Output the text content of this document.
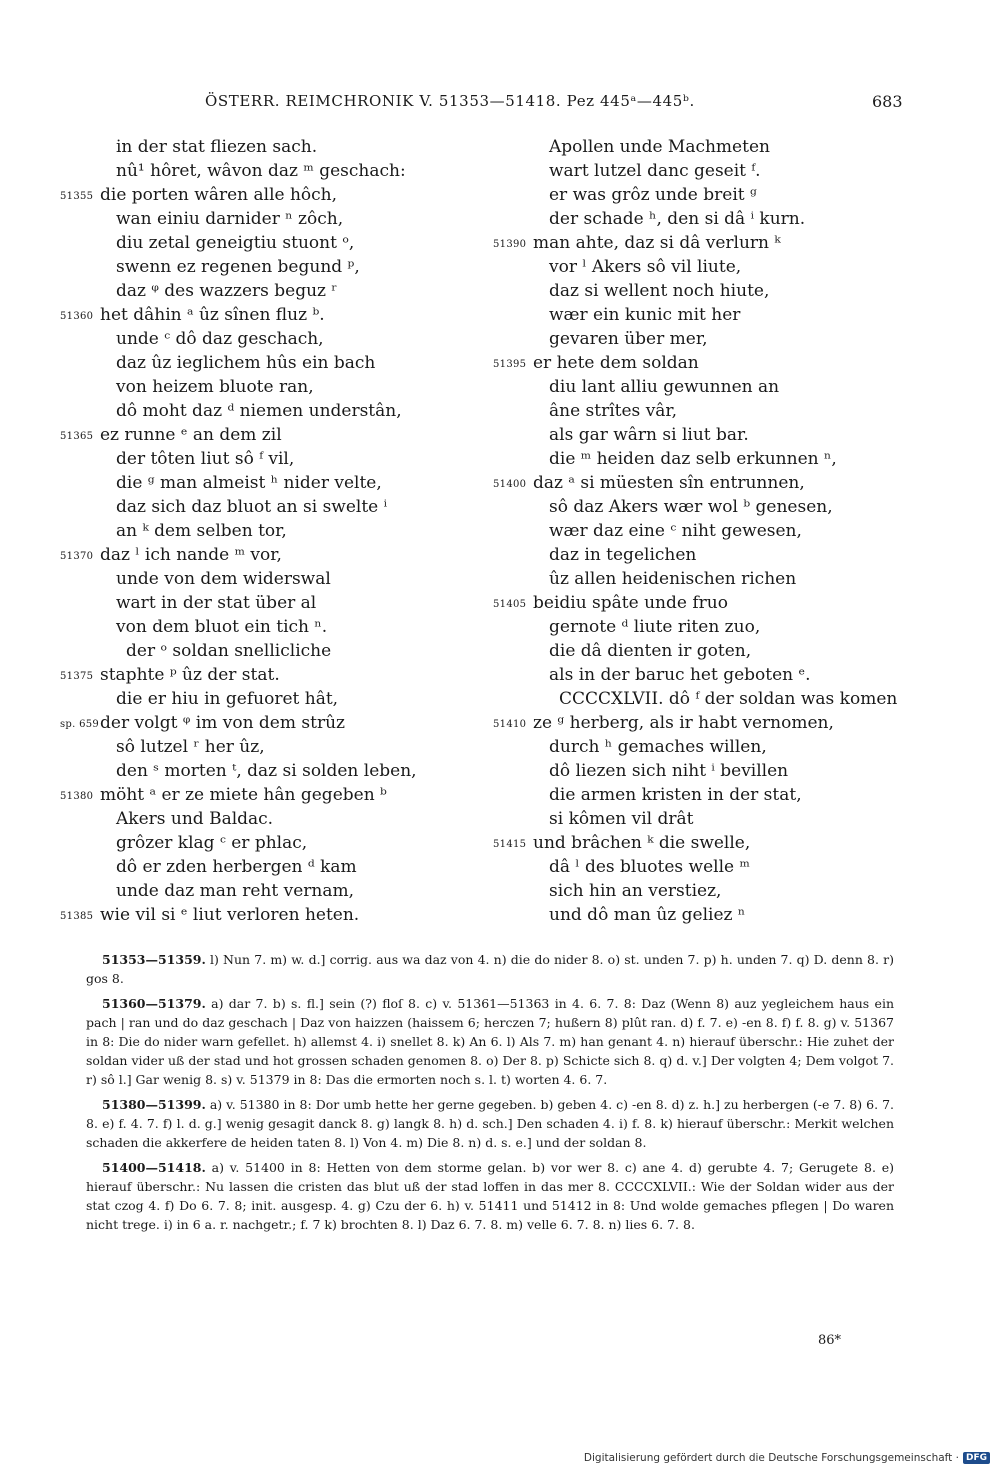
ÖSTERR. REIMCHRONIK V. 51353—51418. Pez 445ᵃ—445ᵇ.	683
in der stat fliezen sach.
nû¹ hôret, wâvon daz ᵐ geschach:
51355 die porten wâren alle hôch,
wan einiu darnider ⁿ zôch,
diu zetal geneigtiu stuont ᵒ,
swenn ez regenen begund ᵖ,
daz ᵠ des wazzers beguz ʳ
51360 het dâhin ᵃ ûz sînen fluz ᵇ.
unde ᶜ dô daz geschach,
daz ûz ieglichem hûs ein bach
von heizem bluote ran,
dô moht daz ᵈ niemen understân,
51365 ez runne ᵉ an dem zil
der tôten liut sô ᶠ vil,
die ᵍ man almeist ʰ nider velte,
daz sich daz bluot an si swelte ⁱ
an ᵏ dem selben tor,
51370 daz ˡ ich nande ᵐ vor,
unde von dem widerswal
wart in der stat über al
von dem bluot ein tich ⁿ.
der ᵒ soldan snellicliche
51375 staphte ᵖ ûz der stat.
die er hiu in gefuoret hât,
sp. 659 der volgt ᵠ im von dem strûz
sô lutzel ʳ her ûz,
den ˢ morten ᵗ, daz si solden leben,
51380 möht ᵃ er ze miete hân gegeben ᵇ
Akers und Baldac.
grôzer klag ᶜ er phlac,
dô er zden herbergen ᵈ kam
unde daz man reht vernam,
51385 wie vil si ᵉ liut verloren heten.
Apollen unde Machmeten
wart lutzel danc geseit ᶠ.
er was grôz unde breit ᵍ
der schade ʰ, den si dâ ⁱ kurn.
51390 man ahte, daz si dâ verlurn ᵏ
vor ˡ Akers sô vil liute,
daz si wellent noch hiute,
wær ein kunic mit her
gevaren über mer,
51395 er hete dem soldan
diu lant alliu gewunnen an
âne strîtes vâr,
als gar wârn si liut bar.
die ᵐ heiden daz selb erkunnen ⁿ,
51400 daz ᵃ si müesten sîn entrunnen,
sô daz Akers wær wol ᵇ genesen,
wær daz eine ᶜ niht gewesen,
daz in tegelichen
ûz allen heidenischen richen
51405 beidiu spâte unde fruo
gernote ᵈ liute riten zuo,
die dâ dienten ir goten,
als in der baruc het geboten ᵉ.
CCCCXLVII. dô ᶠ der soldan was komen
51410 ze ᵍ herberg, als ir habt vernomen,
durch ʰ gemaches willen,
dô liezen sich niht ⁱ bevillen
die armen kristen in der stat,
si kômen vil drât
51415 und brâchen ᵏ die swelle,
dâ ˡ des bluotes welle ᵐ
sich hin an verstiez,
und dô man ûz geliez ⁿ
51353—51359. l) Nun 7. m) w. d.] corrig. aus wa daz von 4. n) die do nider 8. o) st. unden 7. p) h. unden 7. q) D. denn 8. r) gos 8.
51360—51379. a) dar 7. b) s. fl.] sein (?) floſ 8. c) v. 51361—51363 in 4. 6. 7. 8: Daz (Wenn 8) auz yegleichem haus ein pach | ran und do daz geschach | Daz von haizzen (haissem 6; herczen 7; hußern 8) plût ran. d) f. 7. e) -en 8. f) f. 8. g) v. 51367 in 8: Die do nider warn gefellet. h) allemst 4. i) snellet 8. k) An 6. l) Als 7. m) han genant 4. n) hierauf überschr.: Hie zuhet der soldan vider uß der stad und hot grossen schaden genomen 8. o) Der 8. p) Schicte sich 8. q) d. v.] Der volgten 4; Dem volgot 7. r) sô l.] Gar wenig 8. s) v. 51379 in 8: Das die ermorten noch s. l. t) worten 4. 6. 7.
51380—51399. a) v. 51380 in 8: Dor umb hette her gerne gegeben. b) geben 4. c) -en 8. d) z. h.] zu herbergen (-e 7. 8) 6. 7. 8. e) f. 4. 7. f) l. d. g.] wenig gesagit danck 8. g) langk 8. h) d. sch.] Den schaden 4. i) f. 8. k) hierauf überschr.: Merkit welchen schaden die akkerfere de heiden taten 8. l) Von 4. m) Die 8. n) d. s. e.] und der soldan 8.
51400—51418. a) v. 51400 in 8: Hetten von dem storme gelan. b) vor wer 8. c) ane 4. d) gerubte 4. 7; Gerugete 8. e) hierauf überschr.: Nu lassen die cristen das blut uß der stad loffen in das mer 8. CCCCXLVII.: Wie der Soldan wider aus der stat czog 4. f) Do 6. 7. 8; init. ausgesp. 4. g) Czu der 6. h) v. 51411 und 51412 in 8: Und wolde gemaches pflegen | Do waren nicht trege. i) in 6 a. r. nachgetr.; f. 7 k) brochten 8. l) Daz 6. 7. 8. m) velle 6. 7. 8. n) lies 6. 7. 8.
86*
Digitalisierung gefördert durch die Deutsche Forschungsgemeinschaft · DFG
